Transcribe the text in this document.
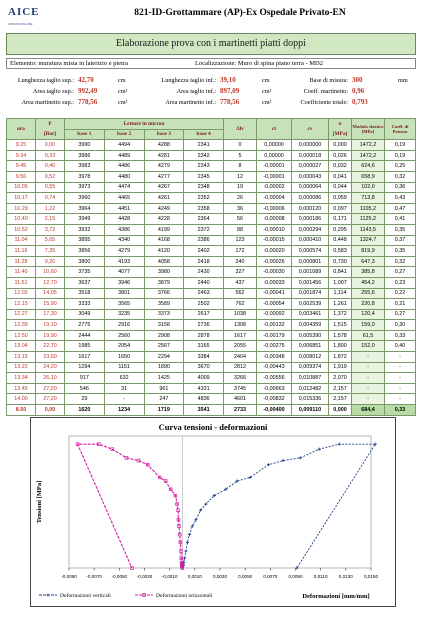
AICE
CONSULTING SRL
821-ID-Grottammare (AP)-Ex Ospedale Privato-EN
Elaborazione prova con i martinetti piatti doppi
Elemento: muratura mista in laterizio e pietra	Localizzazione: Muro di spina piano terra - MD2
Lunghezza taglio sup.: 42,70	cm
Area taglio sup.: 992,49	cm²
Area martinetto sup.: 778,56	cm²
Lunghezza taglio inf.: 39,10	cm
Area taglio inf.: 897,09	cm²
Area martinetto inf.: 778,56	cm²
Base di misura: 300	mm
Coeff. martinetto: 0,96
Coefficiente totale: 0,793
ora	P	Letture in micron				Δlv	εt	εv	σ	Modulo elastico [MPa]	Coeff. di Poisson
	[Bar]	base 1	base 2	base 3	base 4				[MPa]		
9.25	0,00	3990	4494	4288	2341	0	0,00000	0,000000	0,000	1472,2	0,19
9.34	0,33	3986	4489	4281	2342	5	0,00000	0,000018	0,026	1472,2	0,19
9.45	0,40	3983	4486	4279	2343	8	-0,00001	0,000027	0,032	624,6	0,25
9.56	0,52	3978	4480	4277	2345	12	-0,00001	0,000043	0,041	658,9	0,32
10.05	0,55	3973	4474	4267	2348	19	-0,00002	0,000064	0,044	102,0	0,36
10.17	0,74	3960	4465	4261	2352	26	-0,00004	0,000086	0,059	713,8	0,43
10.29	1,22	3964	4451	4249	2358	36	-0,00006	0,000120	0,097	1105,2	0,47
10.40	2,15	3949	4428	4228	2364	56	-0,00008	0,000186	0,171	1125,2	0,41
10.52	3,72	3932	4386	4199	2372	88	-0,00010	0,000294	0,295	1143,5	0,35
11.04	5,65	3895	4340	4168	2386	123	-0,00015	0,000410	0,448	1324,7	0,37
11.16	7,35	3856	4279	4120	2402	172	-0,00020	0,000574	0,583	819,9	0,35
11.28	9,20	3800	4193	4058	2418	240	-0,00026	0,000801	0,730	647,3	0,32
11.40	10,60	3735	4077	3980	2430	327	-0,00030	0,001089	0,841	385,8	0,27
11.51	12,70	3637	3946	3879	2440	437	-0,00033	0,001456	1,007	454,2	0,23
12.02	14,05	3518	3801	3766	2463	562	-0,00041	0,001874	1,114	255,6	0,22
12.15	15,90	3333	3565	3589	2502	762	-0,00054	0,002539	1,261	220,8	0,21
12.27	17,30	3049	3235	3373	2617	1038	-0,00092	0,003461	1,372	120,4	0,27
12.39	19,10	2775	2916	3158	2736	1308	-0,00132	0,004359	1,515	159,0	0,30
12.50	19,90	2444	2560	2908	2878	1617	-0,00179	0,005390	1,578	61,5	0,33
13.04	22,70	1985	2054	2567	3165	2055	-0,00275	0,006851	1,800	152,0	0,40
13.15	23,60	1617	1650	2294	3384	2404	-0,00348	0,008012	1,872	-	-
13.22	24,20	1294	1151	1890	3670	2812	-0,00443	0,009374	1,919	-	-
13.34	26,10	917	632	1425	4009	3266	-0,00556	0,010887	2,070	-	-
13.45	27,20	546	31	961	4331	3745	-0,00663	0,012482	2,157	-	-
14.00	27,20	29	-	247	4836	4601	-0,00832	0,015336	2,157	-	-
8.50	0,00	1620	1234	1719	3541	2733	-0,00400	0,009110	0,000	684,4	0,33
Curva tensioni - deformazioni
Tensioni [MPa]
Deformazioni [mm/mm]
-0,0090 -0,0070 -0,0050 -0,0030 -0,0010 0,0010 0,0030 0,0050 0,0070 0,0090 0,0110 0,0130 0,0150
Deformazioni verticali	Deformazioni orizzontali
